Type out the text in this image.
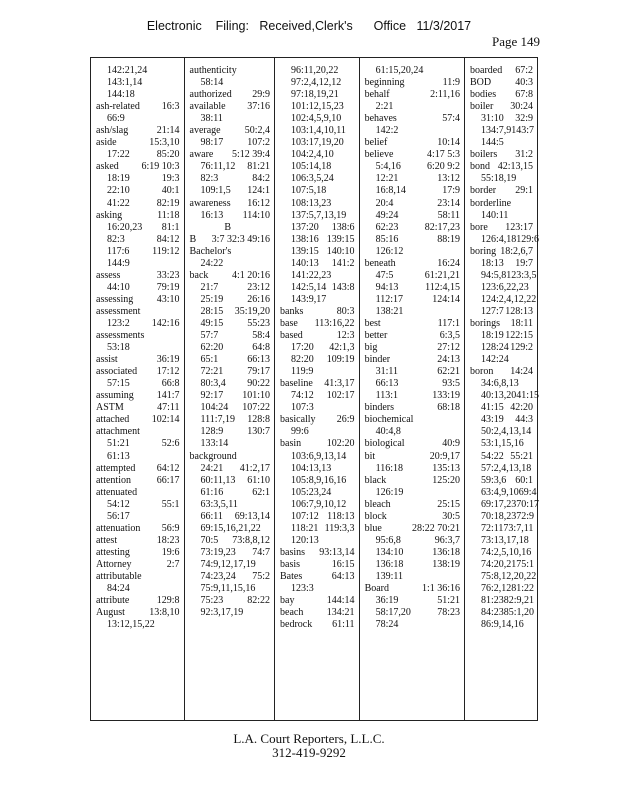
Electronic    Filing:   Received,Clerk's      Office   11/3/2017
Page 149
142:21,24
143:1,14
144:18
ash-related 16:3
66:9
ash/slag	21:14
aside	15:3,10
17:22	85:20
asked 6:19 10:3
18:19	19:3
22:10	40:1
41:22	82:19
asking	11:18
16:20,23 81:1
82:3	84:12
117:6 119:12
144:9
assess	33:23
44:10	79:19
assessing 43:10
assessment
123:2 142:16
assessments
53:18
assist	36:19
associated 17:12
57:15	66:8
assuming 141:7
ASTM	47:11
attached 102:14
attachment
51:21	52:6
61:13
attempted 64:12
attention	66:17
attenuated
54:12	55:1
56:17
attenuation 56:9
attest	18:23
attesting	19:6
Attorney	2:7
attributable
84:24
attribute	129:8
August 13:8,10
13:12,15,22
authenticity
58:14
authorized 29:9
available 37:16
38:11
average 50:2,4
98:17 107:2
aware 5:12 39:4
76:11,12 81:21
82:3	84:2
109:1,5 124:1
awareness 16:12
16:13 114:10
B
B 3:7 32:3 49:16
Bachelor's
24:22
back 4:1 20:16
21:7	23:12
25:19 26:16
28:15 35:19,20
49:15 55:23
57:7	58:4
62:20	64:8
65:1	66:13
72:21 79:17
80:3,4 90:22
92:17 101:10
104:24 107:22
111:7,19 128:8
128:9 130:7
133:14
background
24:21 41:2,17
60:11,13 61:10
61:16	62:1
63:3,5,11
66:11 69:13,14
69:15,16,21,22
70:5 73:8,8,12
73:19,23 74:7
74:9,12,17,19
74:23,24 75:2
75:9,11,15,16
75:23 82:22
92:3,17,19
96:11,20,22
97:2,4,12,12
97:18,19,21
101:12,15,23
102:4,5,9,10
103:1,4,10,11
103:17,19,20
104:2,4,10
105:14,18
106:3,5,24
107:5,18
108:13,23
137:5,7,13,19
137:20 138:6
138:16 139:15
139:15 140:10
140:13 141:2
141:22,23
142:5,14 143:8
143:9,17
banks	80:3
base 113:16,22
based	12:3
17:20 42:1,3
82:20 109:19
119:9
baseline 41:3,17
74:12 102:17
107:3
basically 26:9
99:6
basin	102:20
103:6,9,13,14
104:13,13
105:8,9,16,16
105:23,24
106:7,9,10,12
107:12 118:13
118:21 119:3,3
120:13
basins 93:13,14
basis	16:15
Bates	64:13
123:3
bay	144:14
beach 134:21
bedrock 61:11
61:15,20,24
beginning	11:9
behalf	2:11,16
2:21
behaves	57:4
142:2
belief	10:14
believe	4:17 5:3
5:4,16	6:20 9:2
12:21	13:12
16:8,14	17:9
20:4	23:14
49:24	58:11
62:23	82:17,23
85:16	88:19
126:12
beneath	16:24
47:5	61:21,21
94:13	112:4,15
112:17	124:14
138:21
best	117:1
better	6:3,5
big	27:12
binder	24:13
31:11	62:21
66:13	93:5
113:1	133:19
binders	68:18
biochemical
40:4,8
biological	40:9
bit	20:9,17
116:18	135:13
black	125:20
126:19
bleach	25:15
block	30:5
blue	28:22 70:21
95:6,8	96:3,7
134:10	136:18
136:18	138:19
139:11
Board	1:1 36:16
36:19	51:21
58:17,20	78:23
78:24
boarded 67:2
BOD 40:3
bodies 67:8
boiler 30:24
31:10 32:9
134:7,9 143:7
144:5
boilers 31:2
bond 42:13,15
55:18,19
border 29:1
borderline
140:11
bore 123:17
126:4,18 129:6
boring 18:2,6,7
18:13 19:7
94:5,8 123:3,5
123:6,22,23
124:2,4,12,22
127:7 128:13
borings 18:11
18:19 122:15
128:24 129:2
142:24
boron 14:24
34:6,8,13
40:13,20 41:15
41:15 42:20
43:19 44:3
50:2,4,13,14
53:1,15,16
54:22 55:21
57:2,4,13,18
59:3,6 60:1
63:4,9,10 69:4
69:17,23 70:17
70:18,23 72:9
72:11 73:7,11
73:13,17,18
74:2,5,10,16
74:20,21 75:1
75:8,12,20,22
76:2,12 81:22
81:23 82:9,21
84:23 85:1,20
86:9,14,16
L.A. Court Reporters, L.L.C.
312-419-9292
